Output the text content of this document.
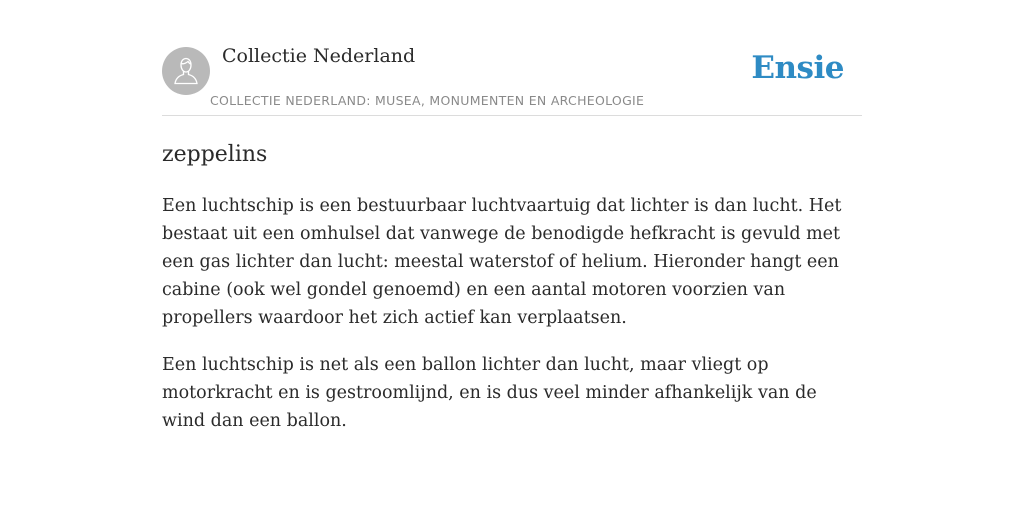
Collectie Nederland
COLLECTIE NEDERLAND: MUSEA, MONUMENTEN EN ARCHEOLOGIE
Ensie
zeppelins

Een luchtschip is een bestuurbaar luchtvaartuig dat lichter is dan lucht. Het bestaat uit een omhulsel dat vanwege de benodigde hefkracht is gevuld met een gas lichter dan lucht: meestal waterstof of helium. Hieronder hangt een cabine (ook wel gondel genoemd) en een aantal motoren voorzien van propellers waardoor het zich actief kan verplaatsen.

Een luchtschip is net als een ballon lichter dan lucht, maar vliegt op motorkracht en is gestroomlijnd, en is dus veel minder afhankelijk van de wind dan een ballon.
